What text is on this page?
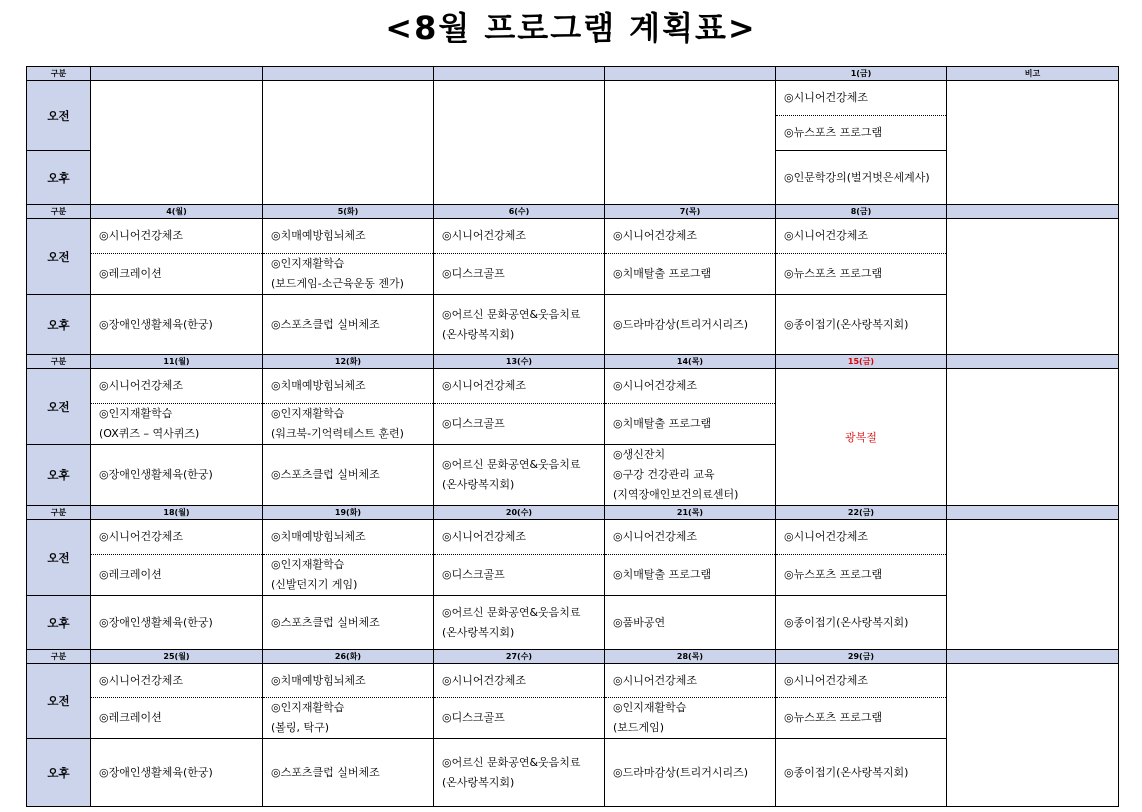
<8월 프로그램 계획표>
구분					1(금)	비고
오전					◎시니어건강체조	

					◎뉴스포츠 프로그램	

오후					◎인문학강의(벌거벗은세계사)	

구분	4(월)	5(화)	6(수)	7(목)	8(금)	
오전	◎시니어건강체조	◎치매예방힘뇌체조	◎시니어건강체조	◎시니어건강체조	◎시니어건강체조	

	◎레크레이션	◎인지재활학습
(보드게임-소근육운동 젠가)	◎디스크골프	◎치매탈출 프로그램	◎뉴스포츠 프로그램	

오후	◎장애인생활체육(한궁)	◎스포츠클럽 실버체조	◎어르신 문화공연&웃음치료
(온사랑복지회)	◎드라마감상(트리거시리즈)	◎종이접기(온사랑복지회)	

구분	11(월)	12(화)	13(수)	14(목)	15(금)	
오전	◎시니어건강체조	◎치매예방힘뇌체조	◎시니어건강체조	◎시니어건강체조	광복절	

	◎인지재활학습
(OX퀴즈 – 역사퀴즈)	◎인지재활학습
(워크북-기억력테스트 훈련)	◎디스크골프	◎치매탈출 프로그램		

오후	◎장애인생활체육(한궁)	◎스포츠클럽 실버체조	◎어르신 문화공연&웃음치료
(온사랑복지회)	◎생신잔치
◎구강 건강관리 교육
(지역장애인보건의료센터)		

구분	18(월)	19(화)	20(수)	21(목)	22(금)	
오전	◎시니어건강체조	◎치매예방힘뇌체조	◎시니어건강체조	◎시니어건강체조	◎시니어건강체조	

	◎레크레이션	◎인지재활학습
(신발던지기 게임)	◎디스크골프	◎치매탈출 프로그램	◎뉴스포츠 프로그램	

오후	◎장애인생활체육(한궁)	◎스포츠클럽 실버체조	◎어르신 문화공연&웃음치료
(온사랑복지회)	◎품바공연	◎종이접기(온사랑복지회)	

구분	25(월)	26(화)	27(수)	28(목)	29(금)	
오전	◎시니어건강체조	◎치매예방힘뇌체조	◎시니어건강체조	◎시니어건강체조	◎시니어건강체조	

	◎레크레이션	◎인지재활학습
(볼링, 탁구)	◎디스크골프	◎인지재활학습
(보드게임)	◎뉴스포츠 프로그램	

오후	◎장애인생활체육(한궁)	◎스포츠클럽 실버체조	◎어르신 문화공연&웃음치료
(온사랑복지회)	◎드라마감상(트리거시리즈)	◎종이접기(온사랑복지회)	
